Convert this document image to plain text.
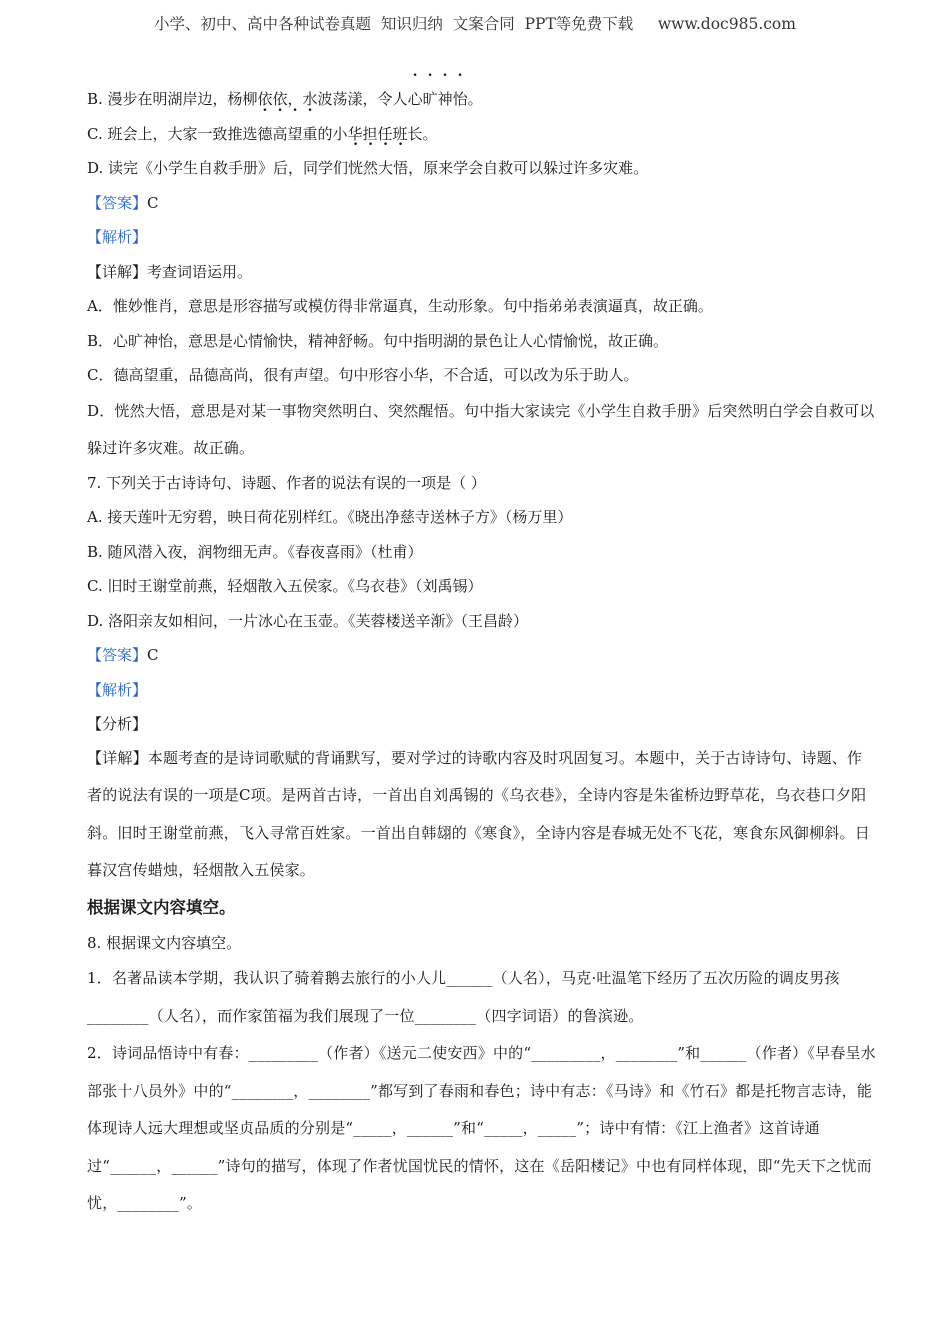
小学、初中、高中各种试卷真题  知识归纳  文案合同  PPT等免费下载     www.doc985.com
B. 漫步在明湖岸边，杨柳依依，水波荡漾，令人心旷神怡。
C. 班会上，大家一致推选德高望重的小华担任班长。
D. 读完《小学生自救手册》后，同学们恍然大悟，原来学会自救可以躲过许多灾难。
【答案】C
【解析】
【详解】考查词语运用。
A．惟妙惟肖，意思是形容描写或模仿得非常逼真，生动形象。句中指弟弟表演逼真，故正确。
B．心旷神怡，意思是心情愉快，精神舒畅。句中指明湖的景色让人心情愉悦，故正确。
C．德高望重，品德高尚，很有声望。句中形容小华，不合适，可以改为乐于助人。
D．恍然大悟，意思是对某一事物突然明白、突然醒悟。句中指大家读完《小学生自救手册》后突然明白学会自救可以躲过许多灾难。故正确。
7. 下列关于古诗诗句、诗题、作者的说法有误的一项是（ ）
A. 接天莲叶无穷碧，映日荷花别样红。《晓出净慈寺送林子方》（杨万里）
B. 随风潜入夜，润物细无声。《春夜喜雨》（杜甫）
C. 旧时王谢堂前燕，轻烟散入五侯家。《乌衣巷》（刘禹锡）
D. 洛阳亲友如相问，一片冰心在玉壶。《芙蓉楼送辛渐》（王昌龄）
【答案】C
【解析】
【分析】
【详解】本题考查的是诗词歌赋的背诵默写，要对学过的诗歌内容及时巩固复习。本题中，关于古诗诗句、诗题、作者的说法有误的一项是C项。是两首古诗，一首出自刘禹锡的《乌衣巷》，全诗内容是朱雀桥边野草花，乌衣巷口夕阳斜。旧时王谢堂前燕，飞入寻常百姓家。一首出自韩翃的《寒食》，全诗内容是春城无处不飞花，寒食东风御柳斜。日暮汉宫传蜡烛，轻烟散入五侯家。
根据课文内容填空。
8. 根据课文内容填空。
1．名著品读本学期，我认识了骑着鹅去旅行的小人儿______（人名），马克·吐温笔下经历了五次历险的调皮男孩________（人名），而作家笛福为我们展现了一位________（四字词语）的鲁滨逊。
2．诗词品悟诗中有春：_________（作者）《送元二使安西》中的“_________，________”和______（作者）《早春呈水部张十八员外》中的“________，________”都写到了春雨和春色；诗中有志：《马诗》和《竹石》都是托物言志诗，能体现诗人远大理想或坚贞品质的分别是“_____，______”和“_____，_____”；诗中有情：《江上渔者》这首诗通过“______，______”诗句的描写，体现了作者忧国忧民的情怀，这在《岳阳楼记》中也有同样体现，即“先天下之忧而忧，________”。
